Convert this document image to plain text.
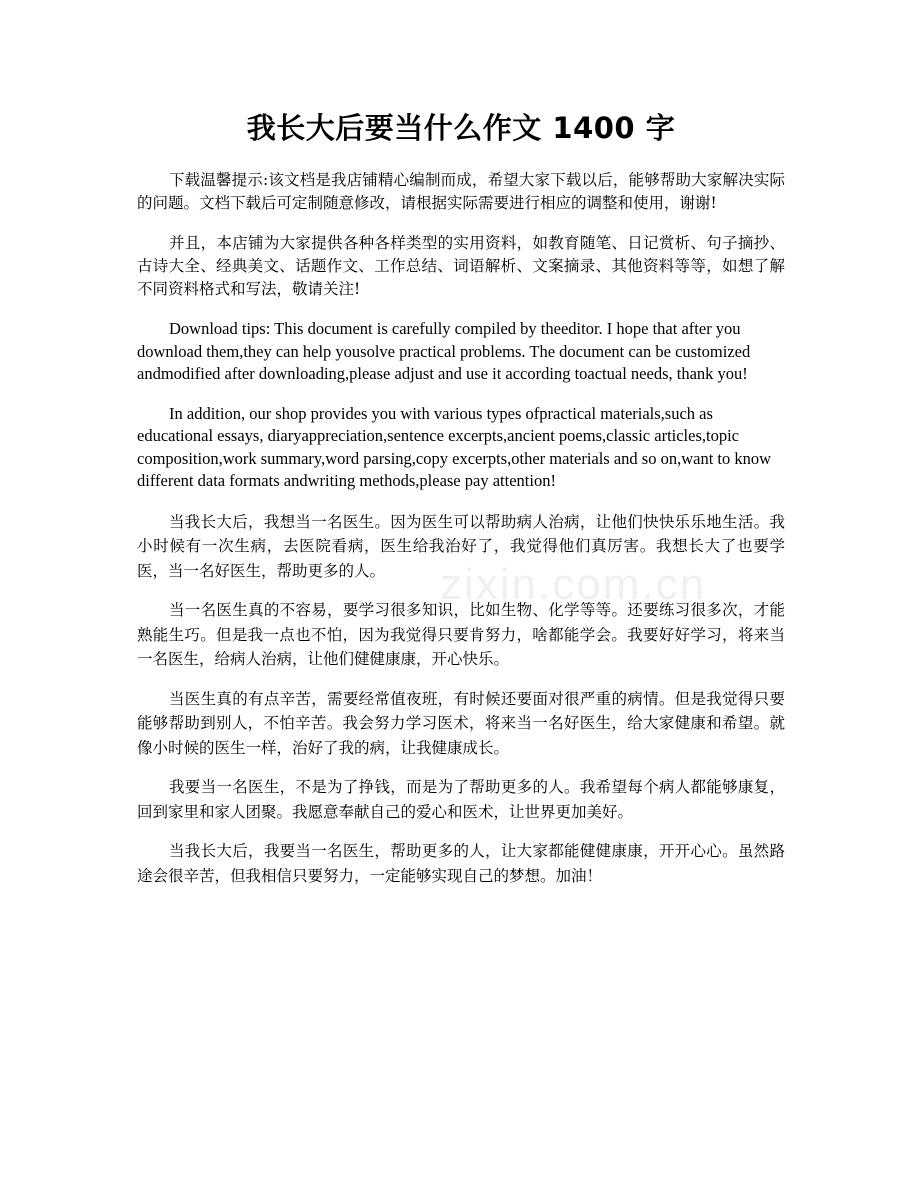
zixin.com.cn
我长大后要当什么作文 1400 字

下载温馨提示:该文档是我店铺精心编制而成，希望大家下载以后，能够帮助大家解决实际的问题。文档下载后可定制随意修改，请根据实际需要进行相应的调整和使用，谢谢!

并且，本店铺为大家提供各种各样类型的实用资料，如教育随笔、日记赏析、句子摘抄、古诗大全、经典美文、话题作文、工作总结、词语解析、文案摘录、其他资料等等，如想了解不同资料格式和写法，敬请关注!

Download tips: This document is carefully compiled by theeditor. I hope that after you download them,they can help yousolve practical problems. The document can be customized andmodified after downloading,please adjust and use it according toactual needs, thank you!

In addition, our shop provides you with various types ofpractical materials,such as educational essays, diaryappreciation,sentence excerpts,ancient poems,classic articles,topic composition,work summary,word parsing,copy excerpts,other materials and so on,want to know different data formats andwriting methods,please pay attention!

当我长大后，我想当一名医生。因为医生可以帮助病人治病，让他们快快乐乐地生活。我小时候有一次生病，去医院看病，医生给我治好了，我觉得他们真厉害。我想长大了也要学医，当一名好医生，帮助更多的人。

当一名医生真的不容易，要学习很多知识，比如生物、化学等等。还要练习很多次，才能熟能生巧。但是我一点也不怕，因为我觉得只要肯努力，啥都能学会。我要好好学习，将来当一名医生，给病人治病，让他们健健康康，开心快乐。

当医生真的有点辛苦，需要经常值夜班，有时候还要面对很严重的病情。但是我觉得只要能够帮助到别人，不怕辛苦。我会努力学习医术，将来当一名好医生，给大家健康和希望。就像小时候的医生一样，治好了我的病，让我健康成长。

我要当一名医生，不是为了挣钱，而是为了帮助更多的人。我希望每个病人都能够康复，回到家里和家人团聚。我愿意奉献自己的爱心和医术，让世界更加美好。

当我长大后，我要当一名医生，帮助更多的人，让大家都能健健康康，开开心心。虽然路途会很辛苦，但我相信只要努力，一定能够实现自己的梦想。加油！
